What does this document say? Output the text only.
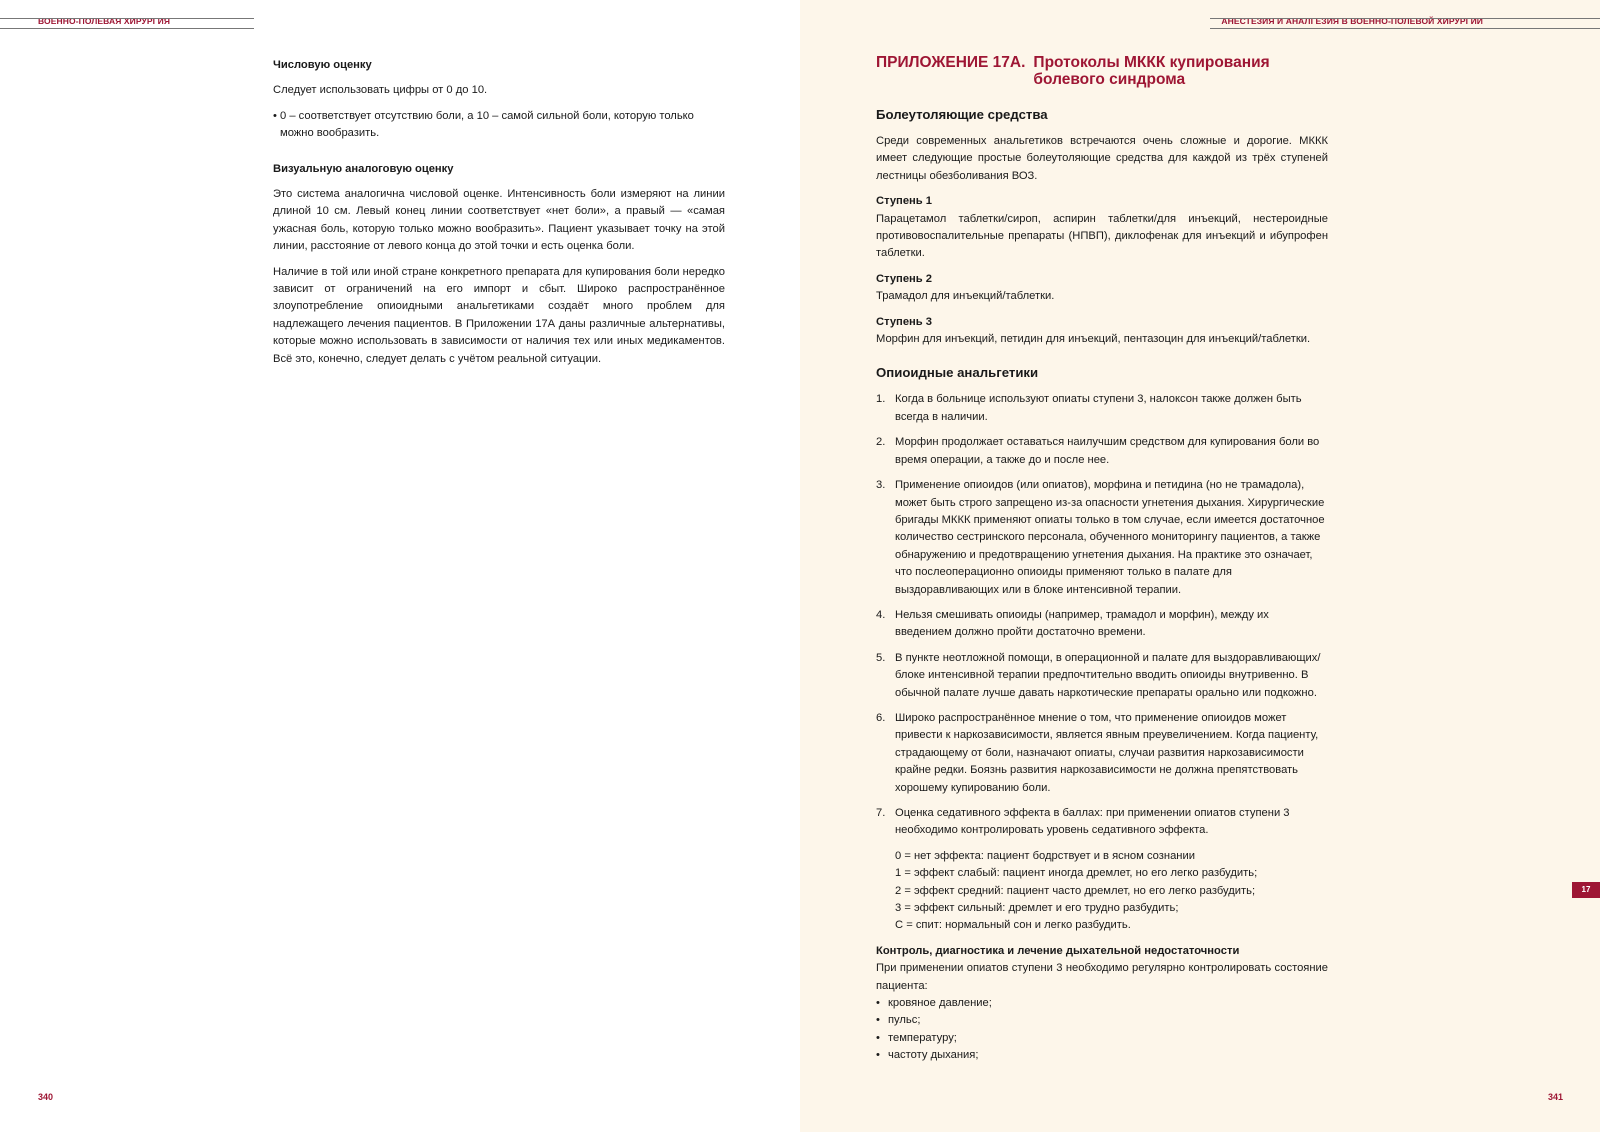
ВОЕННО-ПОЛЕВАЯ ХИРУРГИЯ
Числовую оценку

Следует использовать цифры от 0 до 10.

• 0 – соответствует отсутствию боли, а 10 – самой сильной боли, которую только можно вообразить.

Визуальную аналоговую оценку

Это система аналогична числовой оценке. Интенсивность боли измеряют на линии длиной 10 см. Левый конец линии соответствует «нет боли», а правый — «самая ужасная боль, которую только можно вообразить». Пациент указывает точку на этой линии, расстояние от левого конца до этой точки и есть оценка боли.

Наличие в той или иной стране конкретного препарата для купирования боли нередко зависит от ограничений на его импорт и сбыт. Широко распространённое злоупотребление опиоидными анальгетиками создаёт много проблем для надлежащего лечения пациентов. В Приложении 17А даны различные альтернативы, которые можно использовать в зависимости от наличия тех или иных медикаментов. Всё это, конечно, следует делать с учётом реальной ситуации.

340
АНЕСТЕЗИЯ И АНАЛГЕЗИЯ В ВОЕННО-ПОЛЕВОЙ ХИРУРГИИ
ПРИЛОЖЕНИЕ 17А. Протоколы МККК купирования болевого синдрома
Болеутоляющие средства

Среди современных анальгетиков встречаются очень сложные и дорогие. МККК имеет следующие простые болеутоляющие средства для каждой из трёх ступеней лестницы обезболивания ВОЗ.

Ступень 1
Парацетамол таблетки/сироп, аспирин таблетки/для инъекций, нестероидные противовоспалительные препараты (НПВП), диклофенак для инъекций и ибупрофен таблетки.
Ступень 2
Трамадол для инъекций/таблетки.
Ступень 3
Морфин для инъекций, петидин для инъекций, пентазоцин для инъекций/таблетки.
Опиоидные анальгетики
1. Когда в больнице используют опиаты ступени 3, налоксон также должен быть всегда в наличии.
2. Морфин продолжает оставаться наилучшим средством для купирования боли во время операции, а также до и после нее.
3. Применение опиоидов (или опиатов), морфина и петидина (но не трамадола), может быть строго запрещено из-за опасности угнетения дыхания. Хирургические бригады МККК применяют опиаты только в том случае, если имеется достаточное количество сестринского персонала, обученного мониторингу пациентов, а также обнаружению и предотвращению угнетения дыхания. На практике это означает, что послеоперационно опиоиды применяют только в палате для выздоравливающих или в блоке интенсивной терапии.
4. Нельзя смешивать опиоиды (например, трамадол и морфин), между их введением должно пройти достаточно времени.
5. В пункте неотложной помощи, в операционной и палате для выздоравливающих/блоке интенсивной терапии предпочтительно вводить опиоиды внутривенно. В обычной палате лучше давать наркотические препараты орально или подкожно.
6. Широко распространённое мнение о том, что применение опиоидов может привести к наркозависимости, является явным преувеличением. Когда пациенту, страдающему от боли, назначают опиаты, случаи развития наркозависимости крайне редки. Боязнь развития наркозависимости не должна препятствовать хорошему купированию боли.
7. Оценка седативного эффекта в баллах: при применении опиатов ступени 3 необходимо контролировать уровень седативного эффекта.
0 = нет эффекта: пациент бодрствует и в ясном сознании
1 = эффект слабый: пациент иногда дремлет, но его легко разбудить;
2 = эффект средний: пациент часто дремлет, но его легко разбудить;
3 = эффект сильный: дремлет и его трудно разбудить;
С = спит: нормальный сон и легко разбудить.
Контроль, диагностика и лечение дыхательной недостаточности
При применении опиатов ступени 3 необходимо регулярно контролировать состояние пациента:
• кровяное давление;
• пульс;
• температуру;
• частоту дыхания;
17
341
